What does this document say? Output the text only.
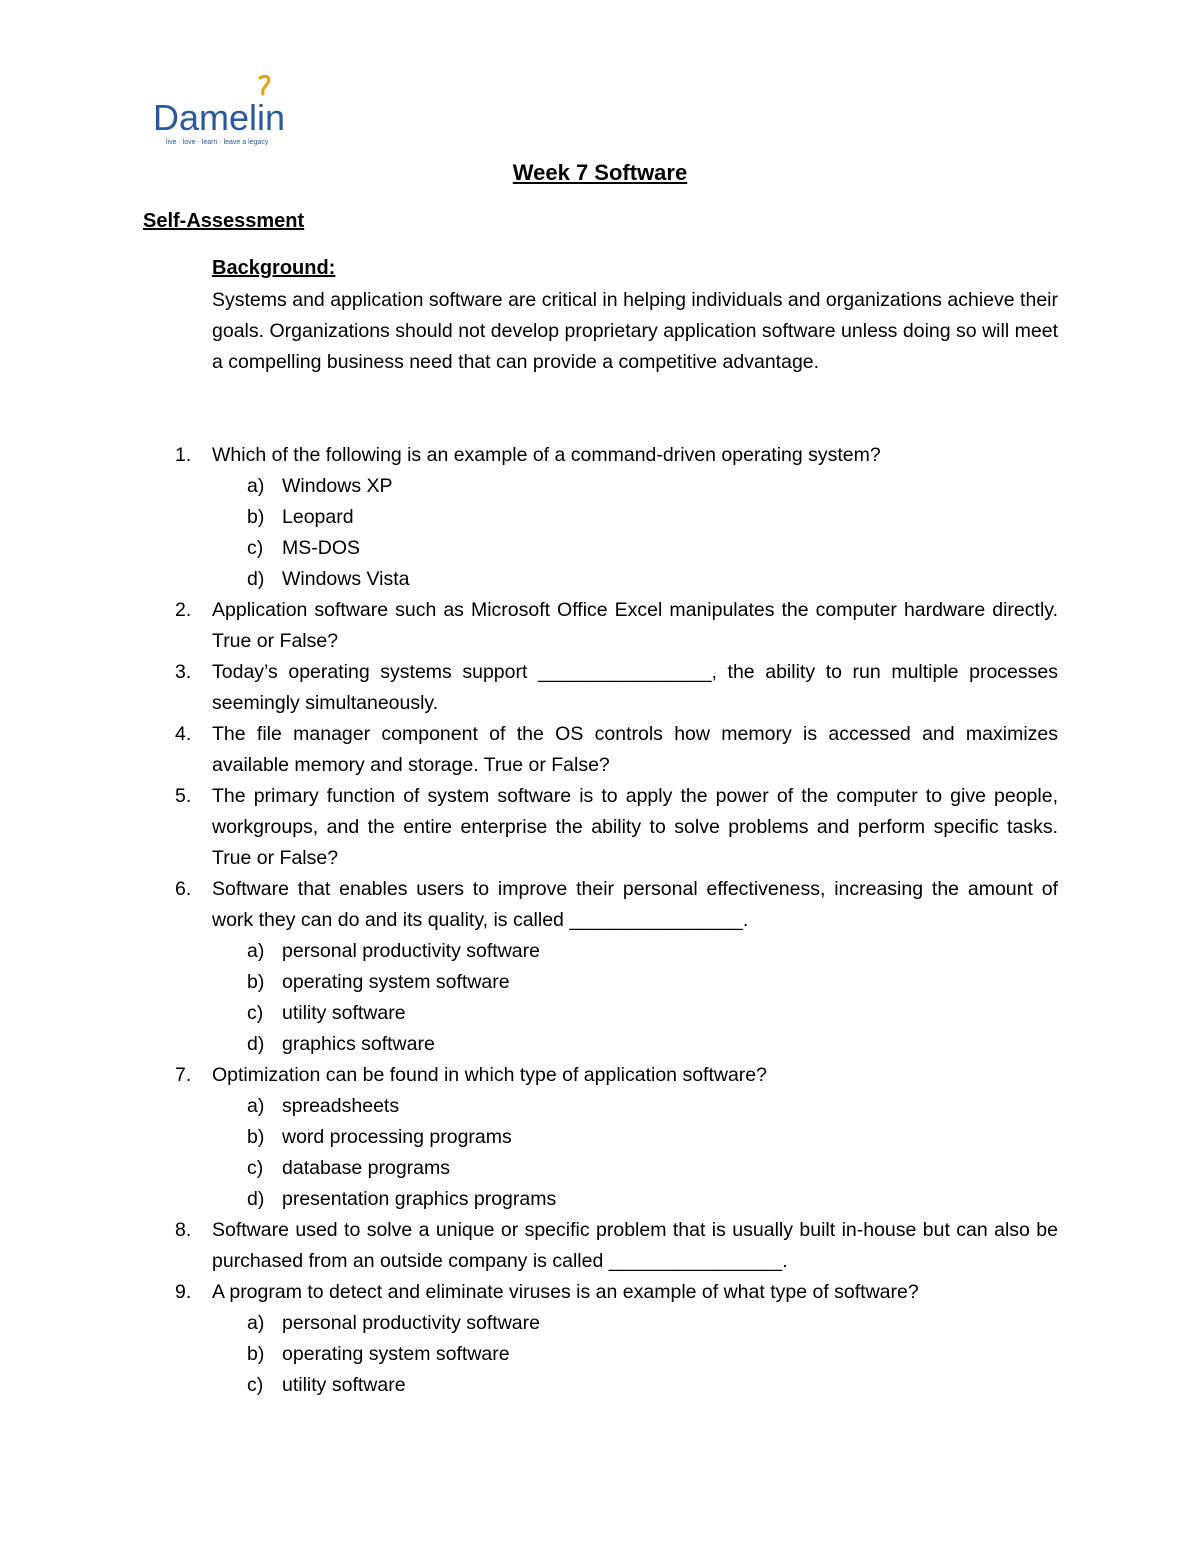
Damelin
live · love · learn · leave a legacy
Week 7 Software
Self-Assessment
Background:
Systems and application software are critical in helping individuals and organizations achieve their goals. Organizations should not develop proprietary application software unless doing so will meet a compelling business need that can provide a competitive advantage.
1. Which of the following is an example of a command-driven operating system?
a) Windows XP
b) Leopard
c) MS-DOS
d) Windows Vista
2. Application software such as Microsoft Office Excel manipulates the computer hardware directly. True or False?
3. Today’s operating systems support ________________, the ability to run multiple processes seemingly simultaneously.
4. The file manager component of the OS controls how memory is accessed and maximizes available memory and storage. True or False?
5. The primary function of system software is to apply the power of the computer to give people, workgroups, and the entire enterprise the ability to solve problems and perform specific tasks. True or False?
6. Software that enables users to improve their personal effectiveness, increasing the amount of work they can do and its quality, is called ________________.
a) personal productivity software
b) operating system software
c) utility software
d) graphics software
7. Optimization can be found in which type of application software?
a) spreadsheets
b) word processing programs
c) database programs
d) presentation graphics programs
8. Software used to solve a unique or specific problem that is usually built in-house but can also be purchased from an outside company is called ________________.
9. A program to detect and eliminate viruses is an example of what type of software?
a) personal productivity software
b) operating system software
c) utility software
